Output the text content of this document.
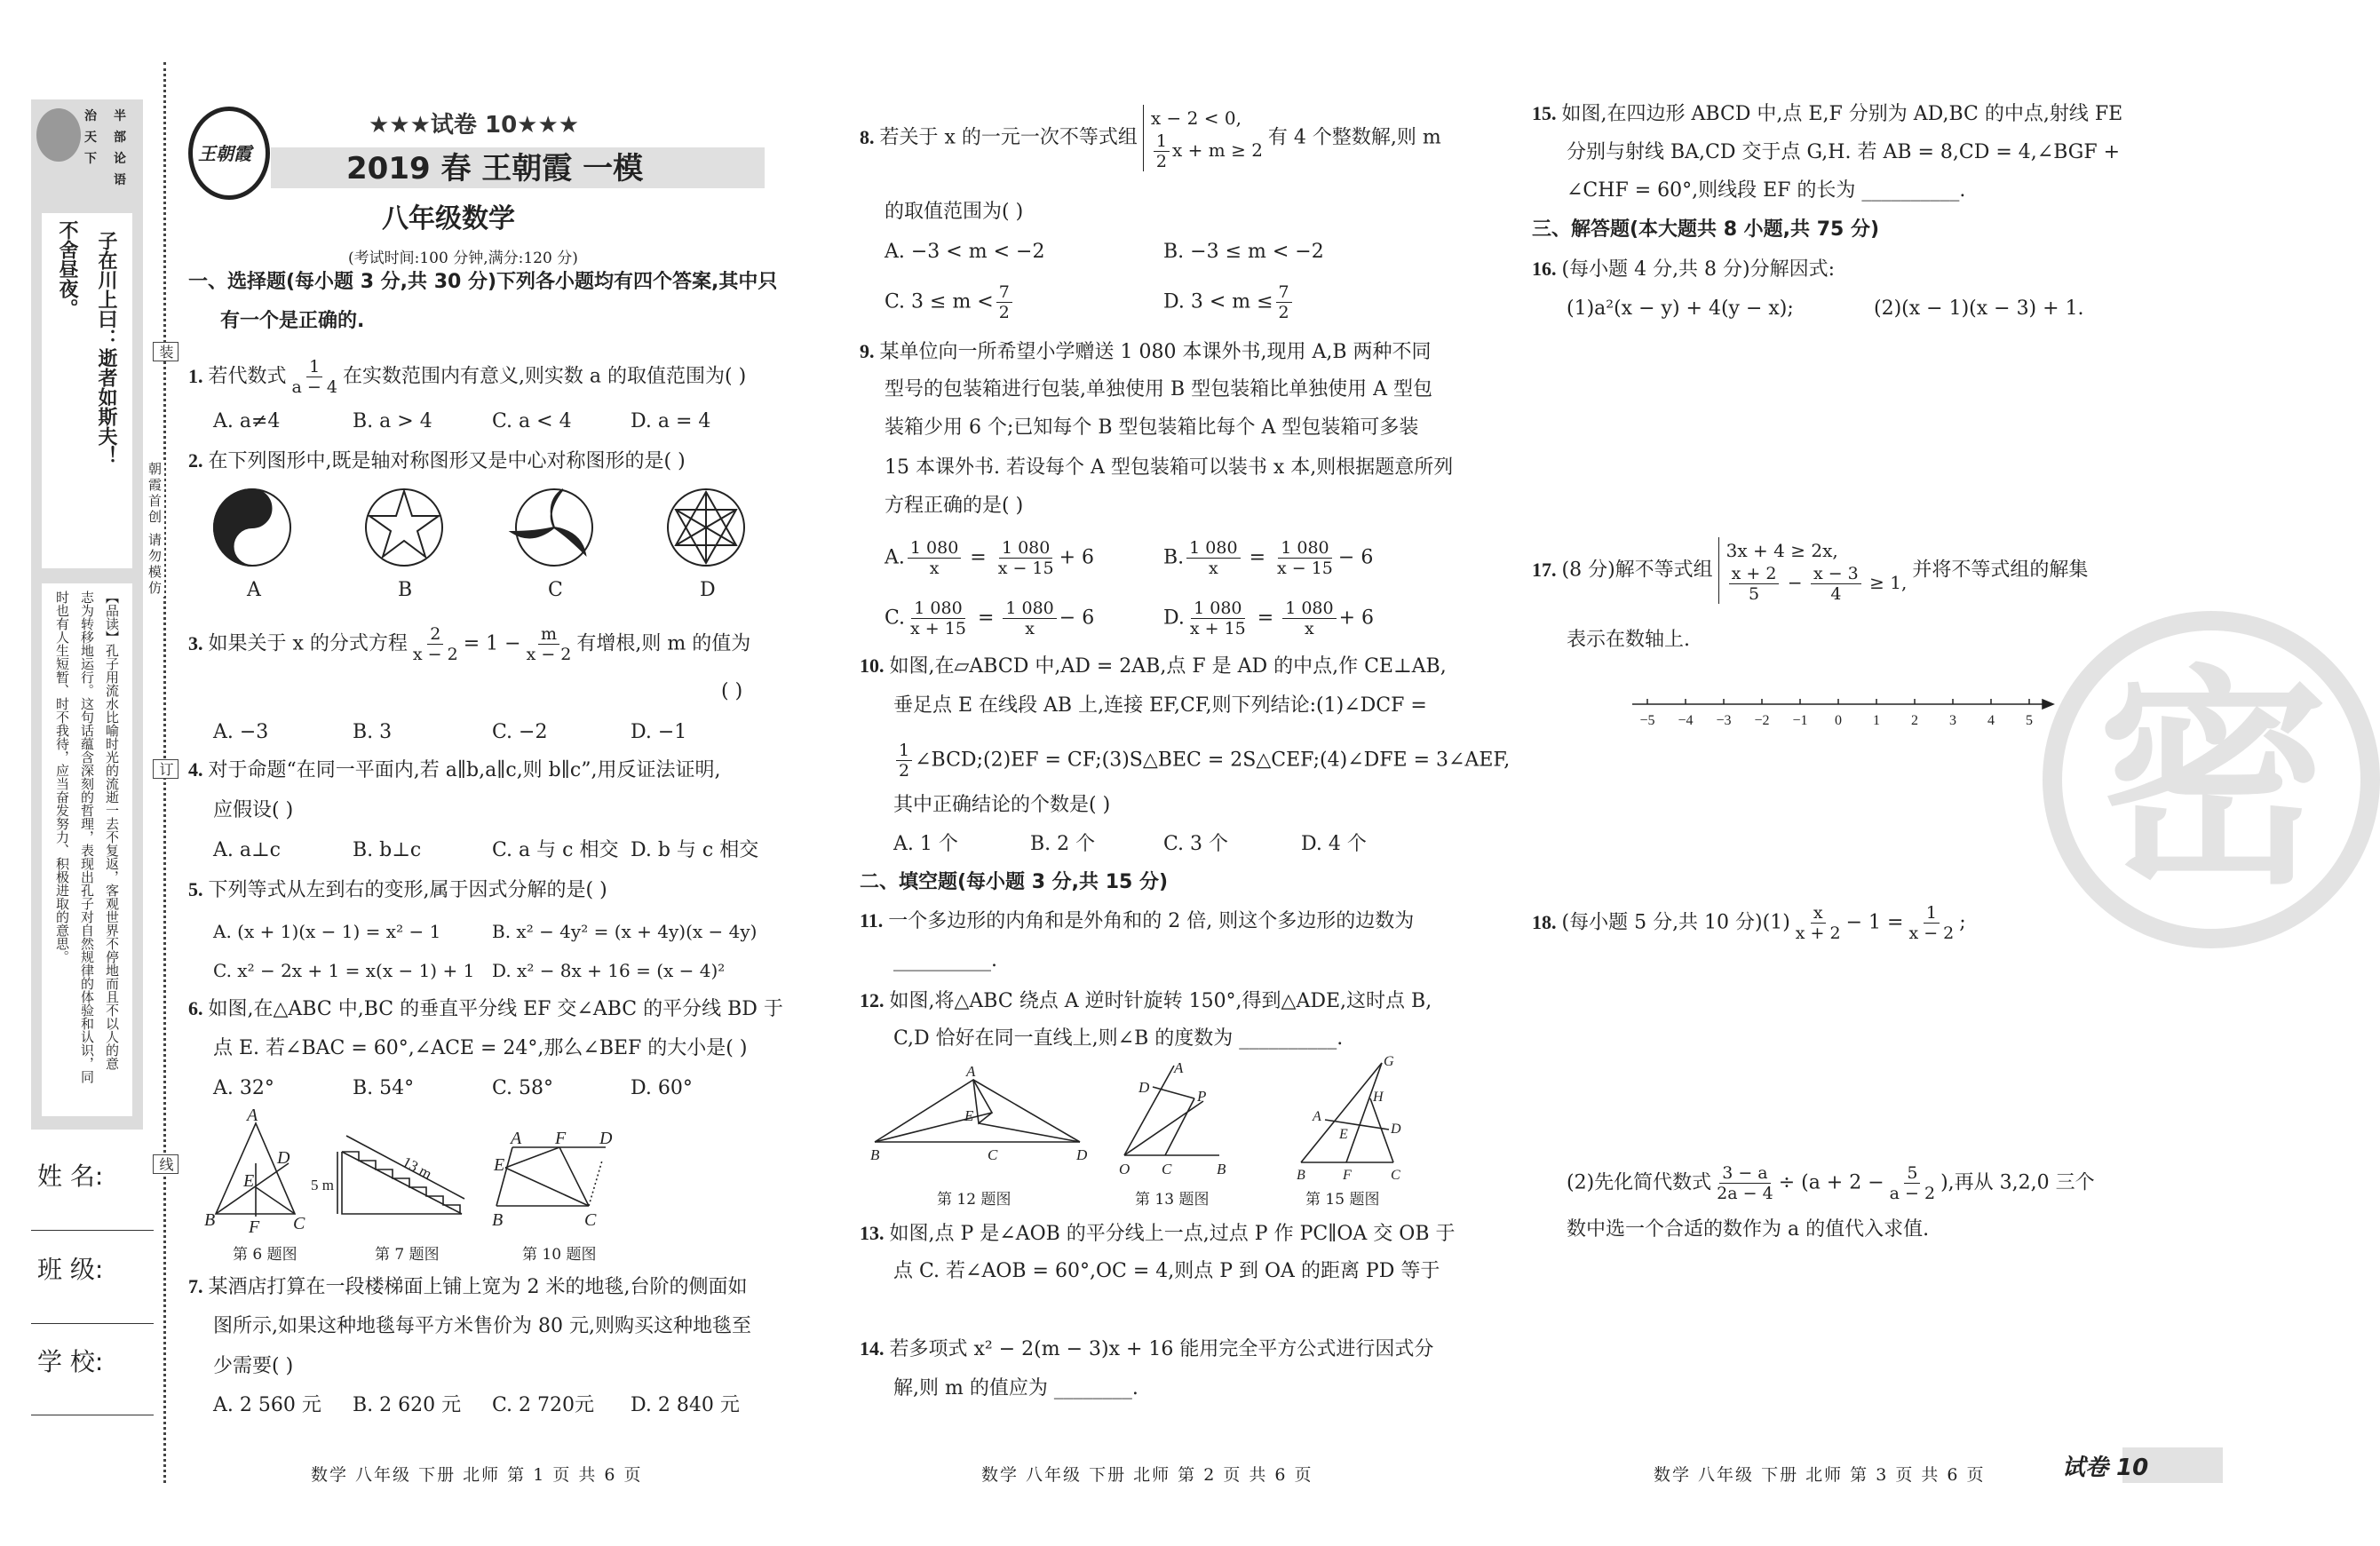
治	半
天	部
下	论
语
子在川上曰：逝者如斯夫！
不舍昼夜。
【品读】孔子用流水比喻时光的流逝一去不复返，客观世界不停地而且不以人的意
志为转移地运行。这句话蕴含深刻的哲理，表现出孔子对自然规律的体验和认识，同
时也有人生短暂、时不我待，应当奋发努力、积极进取的意思。
姓 名:
班 级:
学 校:
装
朝霞首创 请勿模仿
订
线
王朝霞
★★★试卷 10★★★
2019 春 王朝霞 一模
八年级数学
(考试时间:100 分钟,满分:120 分)
一、选择题(每小题 3 分,共 30 分)下列各小题均有四个答案,其中只
有一个是正确的.
1. 若代数式 $\frac{1}{a - 4}$ 在实数范围内有意义,则实数 a 的取值范围为( )
A. a≠4	B. a > 4	C. a < 4	D. a = 4
2. 在下列图形中,既是轴对称图形又是中心对称图形的是( )
A	B	C	D
3. 如果关于 x 的分式方程 $\frac{2}{x - 2} = 1 - \frac{m}{x - 2}$ 有增根,则 m 的值为
( )
A. −3	B. 3	C. −2	D. −1
4. 对于命题“在同一平面内,若 a∥b,a∥c,则 b∥c”,用反证法证明,
应假设( )
A. a⊥c	B. b⊥c	C. a 与 c 相交 D. b 与 c 相交
5. 下列等式从左到右的变形,属于因式分解的是( )
A. (x + 1)(x − 1) = x² − 1	B. x² − 4y² = (x + 4y)(x − 4y)
C. x² − 2x + 1 = x(x − 1) + 1 D. x² − 8x + 16 = (x − 4)²
6. 如图,在△ABC 中,BC 的垂直平分线 EF 交∠ABC 的平分线 BD 于
点 E. 若∠BAC = 60°,∠ACE = 24°,那么∠BEF 的大小是( )
A. 32°	B. 54°	C. 58°	D. 60°
第 6 题图	第 7 题图	第 10 题图
7. 某酒店打算在一段楼梯面上铺上宽为 2 米的地毯,台阶的侧面如
图所示,如果这种地毯每平方米售价为 80 元,则购买这种地毯至
少需要( )
A. 2 560 元 B. 2 620 元 C. 2 720元 D. 2 840 元
数学 八年级 下册 北师 第 1 页 共 6 页
8. 若关于 x 的一元一次不等式组
x − 2 < 0,
$\frac{1}{2}$ x + m ≥ 2
有 4 个整数解,则 m
的取值范围为( )
A. −3 < m < −2	B. −3 ≤ m < −2
C. $3 \le m < \frac{7}{2}$	D. $3 < m \le \frac{7}{2}$
9. 某单位向一所希望小学赠送 1 080 本课外书,现用 A,B 两种不同
型号的包装箱进行包装,单独使用 B 型包装箱比单独使用 A 型包
装箱少用 6 个;已知每个 B 型包装箱比每个 A 型包装箱可多装
15 本课外书. 若设每个 A 型包装箱可以装书 x 本,则根据题意所列
方程正确的是( )
A. $\frac{1 080}{x} = \frac{1 080}{x - 15} + 6$	B. $\frac{1 080}{x} = \frac{1 080}{x - 15} - 6$
C. $\frac{1 080}{x + 15} = \frac{1 080}{x} - 6$	D. $\frac{1 080}{x + 15} = \frac{1 080}{x} + 6$
10. 如图,在▱ABCD 中,AD = 2AB,点 F 是 AD 的中点,作 CE⊥AB,
垂足点 E 在线段 AB 上,连接 EF,CF,则下列结论:(1)∠DCF =
$\frac{1}{2}$ ∠BCD;(2)EF = CF;(3)S△BEC = 2S△CEF;(4)∠DFE = 3∠AEF,
其中正确结论的个数是( )
A. 1 个	B. 2 个	C. 3 个	D. 4 个
二、填空题(每小题 3 分,共 15 分)
11. 一个多边形的内角和是外角和的 2 倍, 则这个多边形的边数为
__________.
12. 如图,将△ABC 绕点 A 逆时针旋转 150°,得到△ADE,这时点 B,
C,D 恰好在同一直线上,则∠B 的度数为 __________.
第 12 题图	第 13 题图	第 15 题图
13. 如图,点 P 是∠AOB 的平分线上一点,过点 P 作 PC∥OA 交 OB 于
点 C. 若∠AOB = 60°,OC = 4,则点 P 到 OA 的距离 PD 等于
14. 若多项式 x² − 2(m − 3)x + 16 能用完全平方公式进行因式分
解,则 m 的值应为 ________.
数学 八年级 下册 北师 第 2 页 共 6 页
15. 如图,在四边形 ABCD 中,点 E,F 分别为 AD,BC 的中点,射线 FE
分别与射线 BA,CD 交于点 G,H. 若 AB = 8,CD = 4,∠BGF +
∠CHF = 60°,则线段 EF 的长为 __________.
三、解答题(本大题共 8 小题,共 75 分)
16. (每小题 4 分,共 8 分)分解因式:
(1)a²(x − y) + 4(y − x);	(2)(x − 1)(x − 3) + 1.
17. (8 分)解不等式组
3x + 4 ≥ 2x,
$\frac{x + 2}{5} - \frac{x - 3}{4} \ge 1$,
并将不等式组的解集
表示在数轴上.
18. (每小题 5 分,共 10 分)$(1) \frac{x}{x + 2} - 1 = \frac{1}{x - 2}$ ;
(2)先化简代数式 $\frac{3 - a}{2a - 4} \div (a + 2 - \frac{5}{a - 2}$ ),再从 3,2,0 三个
数中选一个合适的数作为 a 的值代入求值.
数学 八年级 下册 北师 第 3 页 共 6 页	试卷 10
密
A
B	C
D
E
F
13 m
5 m
A F D
E
B	C
A
E
B	C	D
D
A
P
O C	B
G
H
A
D
E
B	F	C
−5 −4 −3 −2 −1 0 1 2 3 4 5
